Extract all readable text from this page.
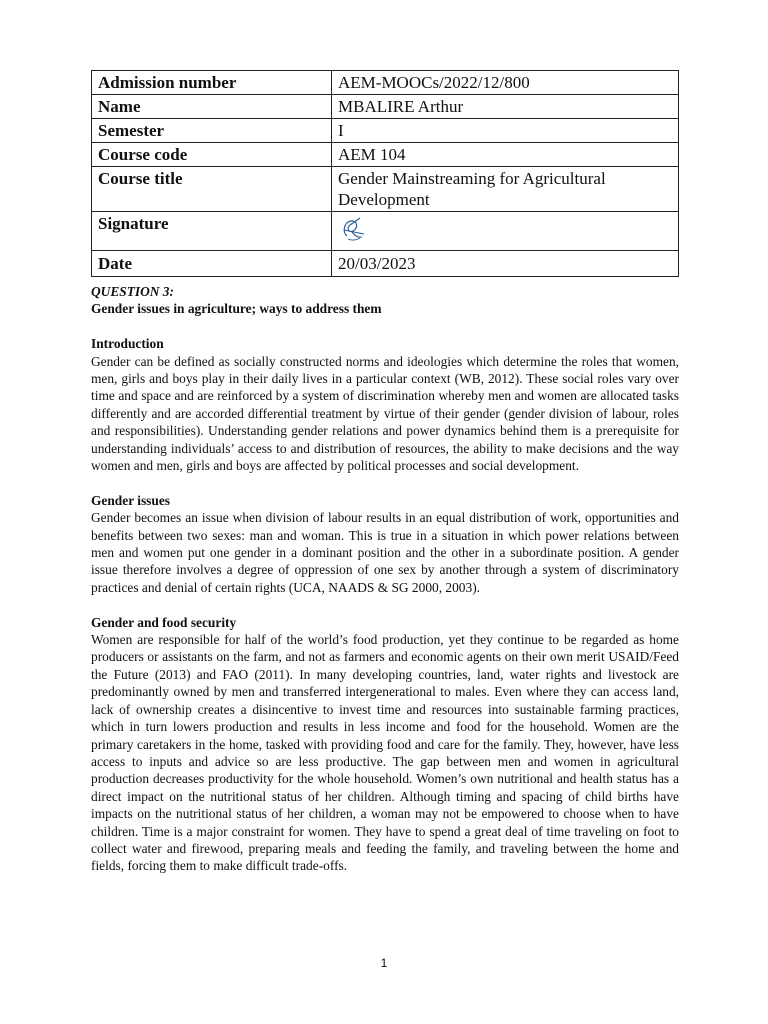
Admission number	AEM-MOOCs/2022/12/800
Name	MBALIRE Arthur
Semester	I
Course code	AEM 104
Course title	Gender Mainstreaming for Agricultural Development
Signature	
Date	20/03/2023
QUESTION 3:
Gender issues in agriculture; ways to address them
Introduction

Gender can be defined as socially constructed norms and ideologies which determine the roles that women, men, girls and boys play in their daily lives in a particular context (WB, 2012). These social roles vary over time and space and are reinforced by a system of discrimination whereby men and women are allocated tasks differently and are accorded differential treatment by virtue of their gender (gender division of labour, roles and responsibilities). Understanding gender relations and power dynamics behind them is a prerequisite for understanding individuals’ access to and distribution of resources, the ability to make decisions and the way women and men, girls and boys are affected by political processes and social development.

Gender issues

Gender becomes an issue when division of labour results in an equal distribution of work, opportunities and benefits between two sexes: man and woman. This is true in a situation in which power relations between men and women put one gender in a dominant position and the other in a subordinate position. A gender issue therefore involves a degree of oppression of one sex by another through a system of discriminatory practices and denial of certain rights (UCA, NAADS & SG 2000, 2003).

Gender and food security

Women are responsible for half of the world’s food production, yet they continue to be regarded as home producers or assistants on the farm, and not as farmers and economic agents on their own merit USAID/Feed the Future (2013) and FAO (2011). In many developing countries, land, water rights and livestock are predominantly owned by men and transferred intergenerational to males. Even where they can access land, lack of ownership creates a disincentive to invest time and resources into sustainable farming practices, which in turn lowers production and results in less income and food for the household. Women are the primary caretakers in the home, tasked with providing food and care for the family. They, however, have less access to inputs and advice so are less productive. The gap between men and women in agricultural production decreases productivity for the whole household. Women’s own nutritional and health status has a direct impact on the nutritional status of her children. Although timing and spacing of child births have impacts on the nutritional status of her children, a woman may not be empowered to choose when to have children. Time is a major constraint for women. They have to spend a great deal of time traveling on foot to collect water and firewood, preparing meals and feeding the family, and traveling between the home and fields, forcing them to make difficult trade-offs.

1
